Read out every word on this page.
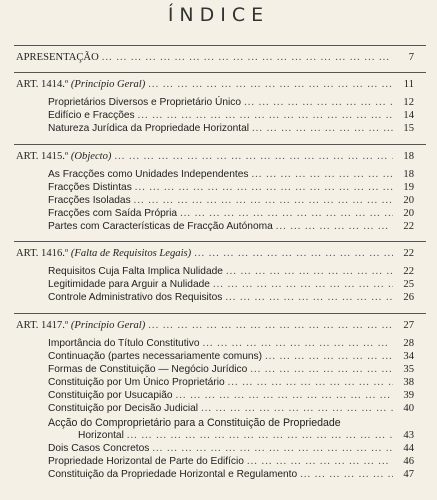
ÍNDICE
APRESENTAÇÃO ... .	7
ART. 1414.º (Princípio Geral) ... .	11
Proprietários Diversos e Proprietário Único ... .	12
Edifício e Fracções ... .	14
Natureza Jurídica da Propriedade Horizontal ... .	15
ART. 1415.º (Objecto) ... .	18
As Fracções como Unidades Independentes ... .	18
Fracções Distintas ... .	19
Fracções Isoladas ... .	20
Fracções com Saída Própria ... .	20
Partes com Características de Fracção Autónoma ... .	22
ART. 1416.º (Falta de Requisitos Legais) ... .	22
Requisitos Cuja Falta Implica Nulidade ... .	22
Legitimidade para Arguir a Nulidade ... .	25
Controle Administrativo dos Requisitos ... .	26
ART. 1417.º (Princípio Geral) ... .	27
Importância do Título Constitutivo ... .	28
Continuação (partes necessariamente comuns) ... .	34
Formas de Constituição — Negócio Jurídico ... .	35
Constituição por Um Único Proprietário ... .	38
Constituição por Usucapião ... .	39
Constituição por Decisão Judicial ... .	40
Acção do Comproprietário para a Constituição de Propriedade
Horizontal ... .	43
Dois Casos Concretos ... .	44
Propriedade Horizontal de Parte do Edifício ... .	46
Constituição da Propriedade Horizontal e Regulamento ... .	47
